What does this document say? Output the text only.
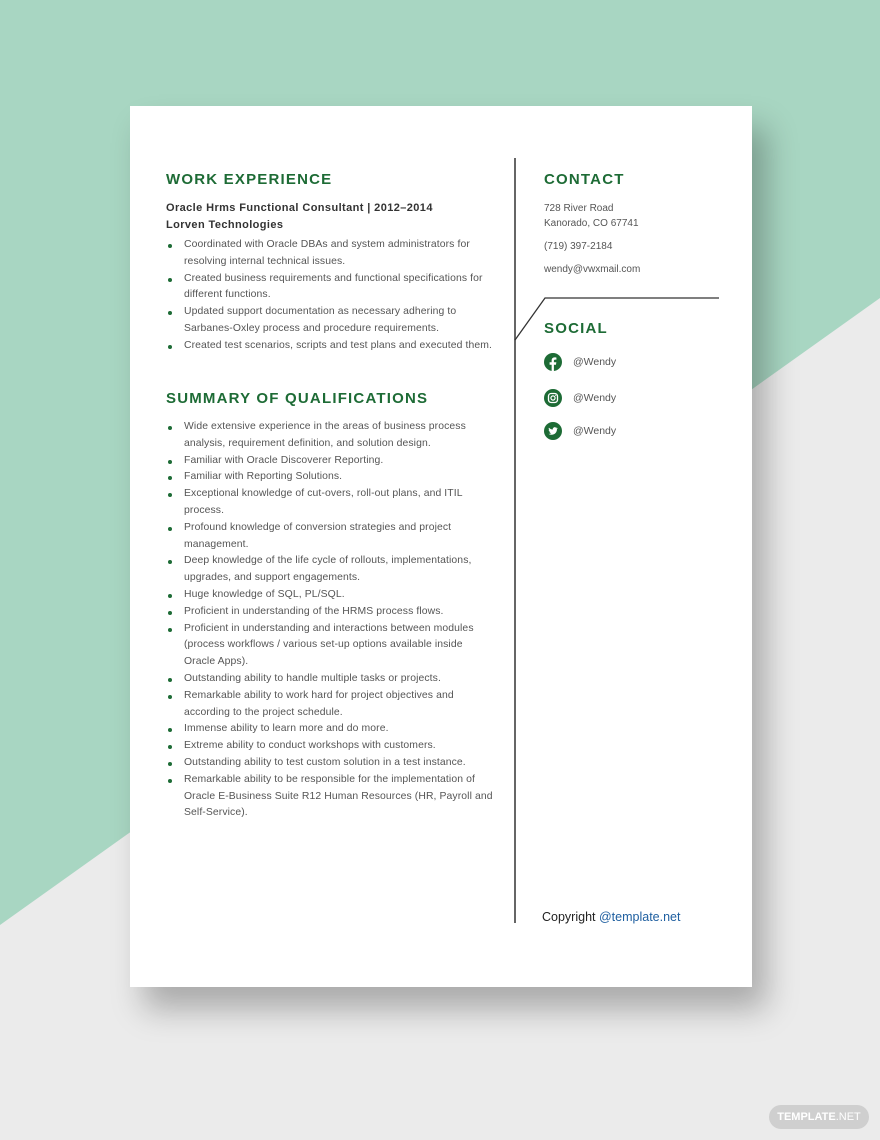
WORK EXPERIENCE
Oracle Hrms Functional Consultant | 2012–2014
Lorven Technologies
Coordinated with Oracle DBAs and system administrators for resolving internal technical issues.
Created business requirements and functional specifications for different functions.
Updated support documentation as necessary adhering to Sarbanes-Oxley process and procedure requirements.
Created test scenarios, scripts and test plans and executed them.
SUMMARY OF QUALIFICATIONS
Wide extensive experience in the areas of business process analysis, requirement definition, and solution design.
Familiar with Oracle Discoverer Reporting.
Familiar with Reporting Solutions.
Exceptional knowledge of cut-overs, roll-out plans, and ITIL process.
Profound knowledge of conversion strategies and project management.
Deep knowledge of the life cycle of rollouts, implementations, upgrades, and support engagements.
Huge knowledge of SQL, PL/SQL.
Proficient in understanding of the HRMS process flows.
Proficient in understanding and interactions between modules (process workflows / various set-up options available inside Oracle Apps).
Outstanding ability to handle multiple tasks or projects.
Remarkable ability to work hard for project objectives and according to the project schedule.
Immense ability to learn more and do more.
Extreme ability to conduct workshops with customers.
Outstanding ability to test custom solution in a test instance.
Remarkable ability to be responsible for the implementation of Oracle E-Business Suite R12 Human Resources (HR, Payroll and Self-Service).
CONTACT
728 River Road
Kanorado, CO 67741
(719) 397-2184
wendy@vwxmail.com
SOCIAL
@Wendy
@Wendy
@Wendy
Copyright @template.net
TEMPLATE.NET
